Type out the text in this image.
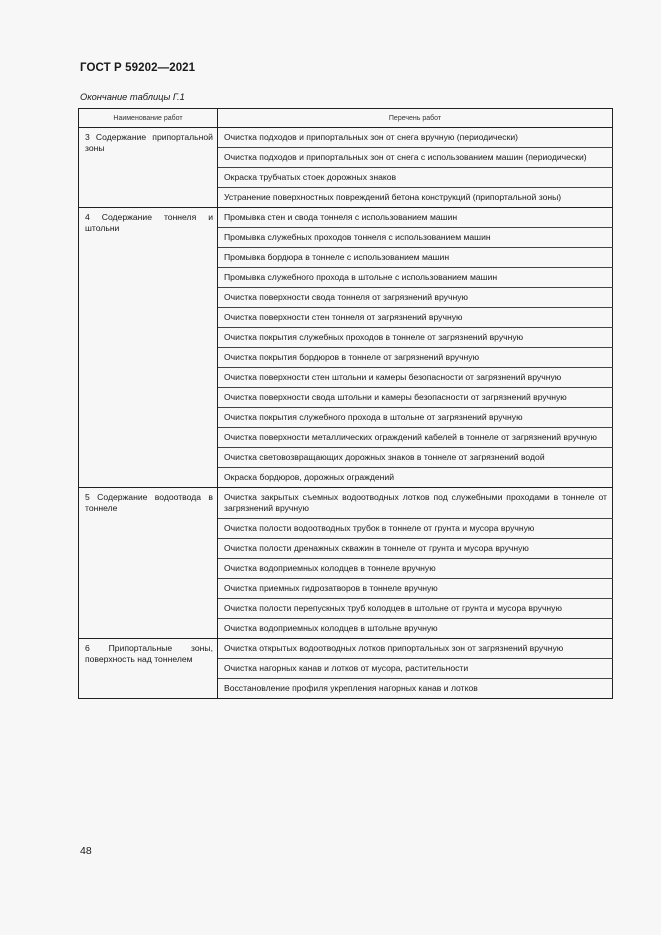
ГОСТ Р 59202—2021
Окончание таблицы Г.1
Наименование работ	Перечень работ
3 Содержание припортальной зоны	Очистка подходов и припортальных зон от снега вручную (периодически)
	Очистка подходов и припортальных зон от снега с использованием машин (периодически)
	Окраска трубчатых стоек дорожных знаков
	Устранение поверхностных повреждений бетона конструкций (припортальной зоны)
4 Содержание тоннеля и штольни	Промывка стен и свода тоннеля с использованием машин
	Промывка служебных проходов тоннеля с использованием машин
	Промывка бордюра в тоннеле с использованием машин
	Промывка служебного прохода в штольне с использованием машин
	Очистка поверхности свода тоннеля от загрязнений вручную
	Очистка поверхности стен тоннеля от загрязнений вручную
	Очистка покрытия служебных проходов в тоннеле от загрязнений вручную
	Очистка покрытия бордюров в тоннеле от загрязнений вручную
	Очистка поверхности стен штольни и камеры безопасности от загрязнений вручную
	Очистка поверхности свода штольни и камеры безопасности от загрязнений вручную
	Очистка покрытия служебного прохода в штольне от загрязнений вручную
	Очистка поверхности металлических ограждений кабелей в тоннеле от загрязнений вручную
	Очистка световозвращающих дорожных знаков в тоннеле от загрязнений водой
	Окраска бордюров, дорожных ограждений
5 Содержание водоотвода в тоннеле	Очистка закрытых съемных водоотводных лотков под служебными проходами в тоннеле от загрязнений вручную
	Очистка полости водоотводных трубок в тоннеле от грунта и мусора вручную
	Очистка полости дренажных скважин в тоннеле от грунта и мусора вручную
	Очистка водоприемных колодцев в тоннеле вручную
	Очистка приемных гидрозатворов в тоннеле вручную
	Очистка полости перепускных труб колодцев в штольне от грунта и мусора вручную
	Очистка водоприемных колодцев в штольне вручную
6 Припортальные зоны, поверхность над тоннелем	Очистка открытых водоотводных лотков припортальных зон от загрязнений вручную
	Очистка нагорных канав и лотков от мусора, растительности
	Восстановление профиля укрепления нагорных канав и лотков
48
